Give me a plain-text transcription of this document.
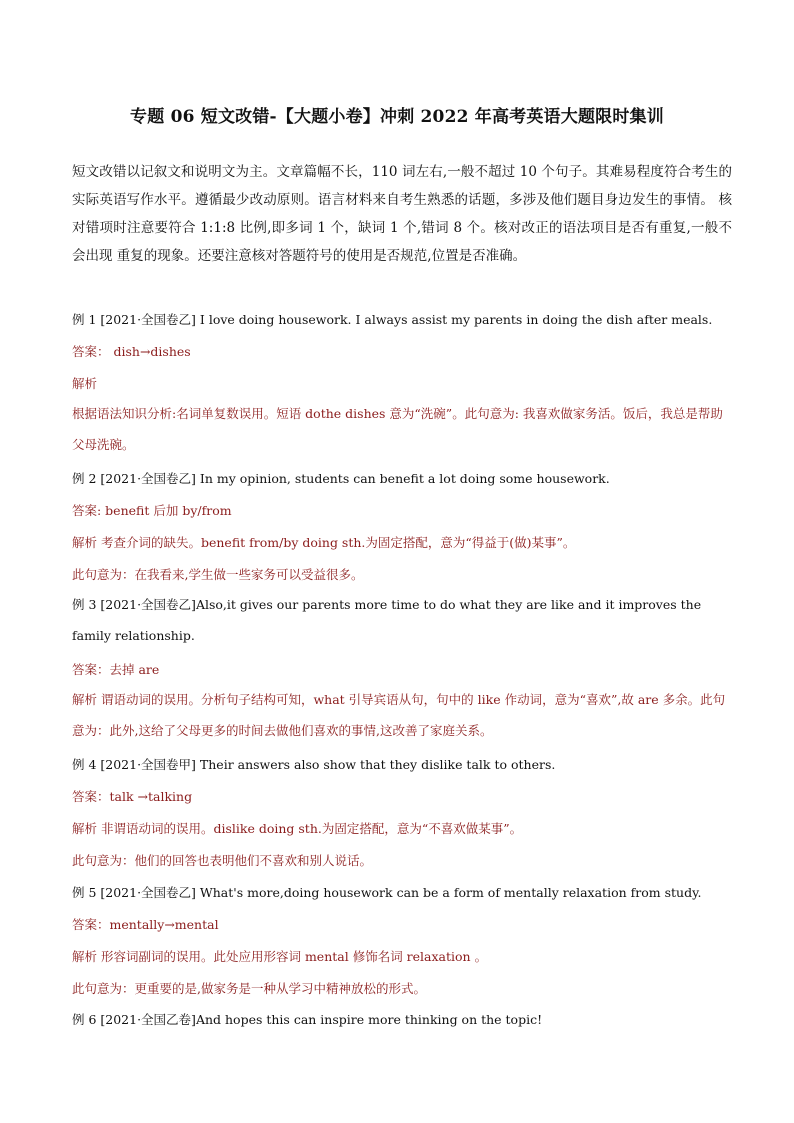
专题 06 短文改错-【大题小卷】冲刺 2022 年高考英语大题限时集训
短文改错以记叙文和说明文为主。文章篇幅不长，110 词左右,一般不超过 10 个句子。其难易程度符合考生的实际英语写作水平。遵循最少改动原则。语言材料来自考生熟悉的话题，多涉及他们题目身边发生的事情。 核对错项时注意要符合 1:1:8 比例,即多词 1 个，缺词 1 个,错词 8 个。核对改正的语法项目是否有重复,一般不会出现 重复的现象。还要注意核对答题符号的使用是否规范,位置是否准确。
例 1 [2021·全国卷乙] I love doing housework. I always assist my parents in doing the dish after meals.
答案： dish→dishes
解析
根据语法知识分析:名词单复数误用。短语 dothe dishes 意为“洗碗”。此句意为: 我喜欢做家务活。饭后，我总是帮助父母洗碗。
例 2 [2021·全国卷乙] In my opinion, students can benefit a lot doing some housework.
答案: benefit 后加 by/from
解析 考查介词的缺失。benefit from/by doing sth.为固定搭配，意为“得益于(做)某事”。
此句意为：在我看来,学生做一些家务可以受益很多。
例 3 [2021·全国卷乙]Also,it gives our parents more time to do what they are like and it improves the family relationship.
答案：去掉 are
解析 谓语动词的误用。分析句子结构可知，what 引导宾语从句，句中的 like 作动词，意为“喜欢”,故 are 多余。此句意为：此外,这给了父母更多的时间去做他们喜欢的事情,这改善了家庭关系。
例 4 [2021·全国卷甲] Their answers also show that they dislike talk to others.
答案：talk →talking
解析 非谓语动词的误用。dislike doing sth.为固定搭配，意为“不喜欢做某事”。
此句意为：他们的回答也表明他们不喜欢和别人说话。
例 5 [2021·全国卷乙] What's more,doing housework can be a form of mentally relaxation from study.
答案：mentally→mental
解析 形容词副词的误用。此处应用形容词 mental 修饰名词 relaxation 。
此句意为：更重要的是,做家务是一种从学习中精神放松的形式。
例 6 [2021·全国乙卷]And hopes this can inspire more thinking on the topic!
